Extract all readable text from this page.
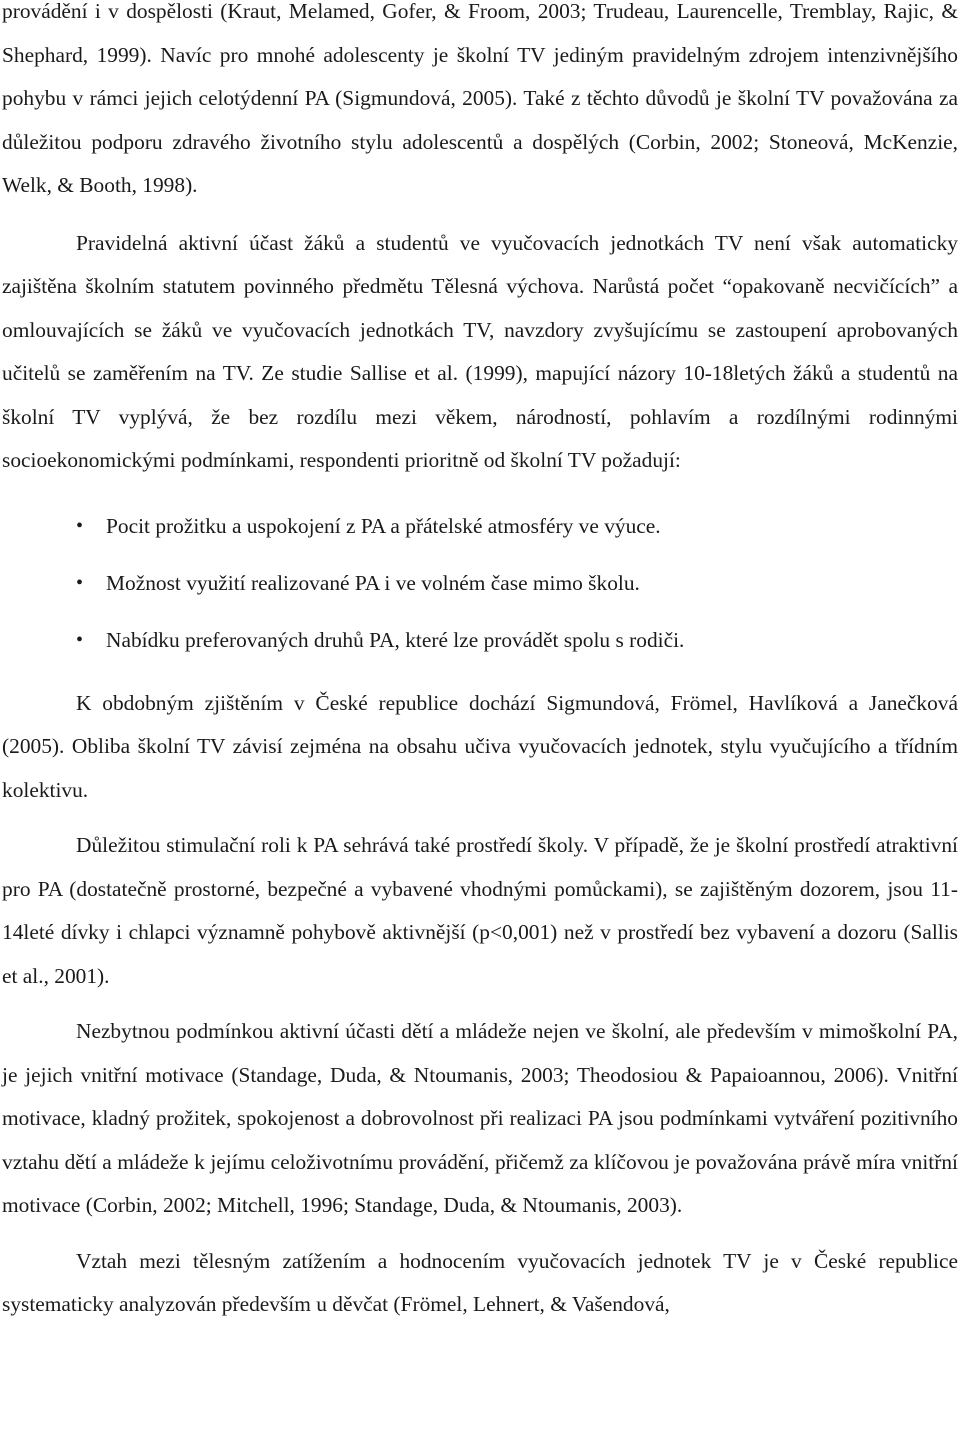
provádění i v dospělosti (Kraut, Melamed, Gofer, & Froom, 2003; Trudeau, Laurencelle, Tremblay, Rajic, & Shephard, 1999). Navíc pro mnohé adolescenty je školní TV jediným pravidelným zdrojem intenzivnějšího pohybu v rámci jejich celotýdenní PA (Sigmundová, 2005). Také z těchto důvodů je školní TV považována za důležitou podporu zdravého životního stylu adolescentů a dospělých (Corbin, 2002; Stoneová, McKenzie, Welk, & Booth, 1998).

Pravidelná aktivní účast žáků a studentů ve vyučovacích jednotkách TV není však automaticky zajištěna školním statutem povinného předmětu Tělesná výchova. Narůstá počet “opakovaně necvičících” a omlouvajících se žáků ve vyučovacích jednotkách TV, navzdory zvyšujícímu se zastoupení aprobovaných učitelů se zaměřením na TV. Ze studie Sallise et al. (1999), mapující názory 10-18letých žáků a studentů na školní TV vyplývá, že bez rozdílu mezi věkem, národností, pohlavím a rozdílnými rodinnými socioekonomickými podmínkami, respondenti prioritně od školní TV požadují:

• Pocit prožitku a uspokojení z PA a přátelské atmosféry ve výuce.
• Možnost využití realizované PA i ve volném čase mimo školu.
• Nabídku preferovaných druhů PA, které lze provádět spolu s rodiči.

K obdobným zjištěním v České republice dochází Sigmundová, Frömel, Havlíková a Janečková (2005). Obliba školní TV závisí zejména na obsahu učiva vyučovacích jednotek, stylu vyučujícího a třídním kolektivu.

Důležitou stimulační roli k PA sehrává také prostředí školy. V případě, že je školní prostředí atraktivní pro PA (dostatečně prostorné, bezpečné a vybavené vhodnými pomůckami), se zajištěným dozorem, jsou 11-14leté dívky i chlapci významně pohybově aktivnější (p<0,001) než v prostředí bez vybavení a dozoru (Sallis et al., 2001).

Nezbytnou podmínkou aktivní účasti dětí a mládeže nejen ve školní, ale především v mimoškolní PA, je jejich vnitřní motivace (Standage, Duda, & Ntoumanis, 2003; Theodosiou & Papaioannou, 2006). Vnitřní motivace, kladný prožitek, spokojenost a dobrovolnost při realizaci PA jsou podmínkami vytváření pozitivního vztahu dětí a mládeže k jejímu celoživotnímu provádění, přičemž za klíčovou je považována právě míra vnitřní motivace (Corbin, 2002; Mitchell, 1996; Standage, Duda, & Ntoumanis, 2003).

Vztah mezi tělesným zatížením a hodnocením vyučovacích jednotek TV je v České republice systematicky analyzován především u děvčat (Frömel, Lehnert, & Vašendová,
